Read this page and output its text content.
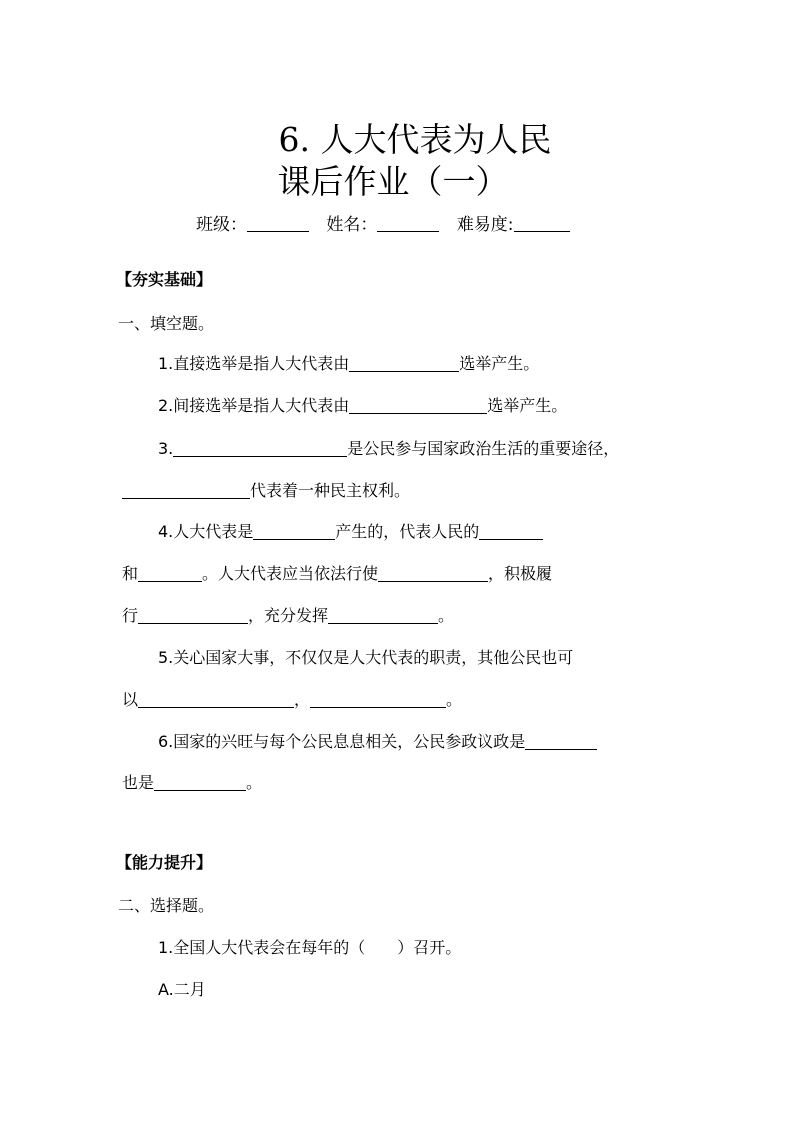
6. 人大代表为人民
课后作业（一）
班级：	姓名：	难易度:
【夯实基础】
一、填空题。
1.直接选举是指人大代表由	选举产生。
2.间接选举是指人大代表由	选举产生。
3.	是公民参与国家政治生活的重要途径，
代表着一种民主权利。
4.人大代表是	产生的，代表人民的
和	。人大代表应当依法行使	，积极履
行	，充分发挥	。
5.关心国家大事，不仅仅是人大代表的职责，其他公民也可
以	，	。
6.国家的兴旺与每个公民息息相关，公民参政议政是
也是	。
【能力提升】
二、选择题。
1.全国人大代表会在每年的（　　）召开。
A.二月
